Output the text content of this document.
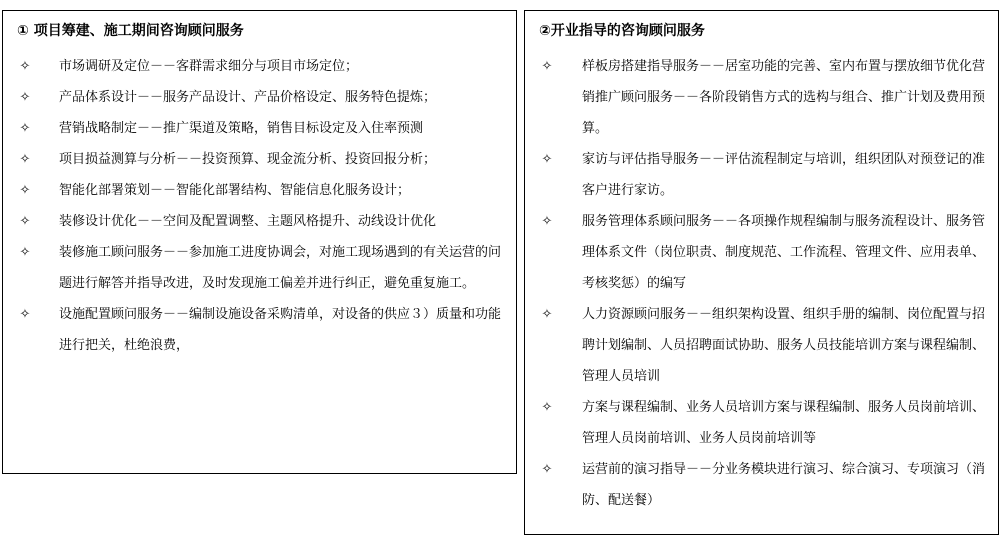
① 项目筹建、施工期间咨询顾问服务
✧ 市场调研及定位－－客群需求细分与项目市场定位；
✧ 产品体系设计－－服务产品设计、产品价格设定、服务特色提炼；
✧ 营销战略制定－－推广渠道及策略，销售目标设定及入住率预测
✧ 项目损益测算与分析－－投资预算、现金流分析、投资回报分析；
✧ 智能化部署策划－－智能化部署结构、智能信息化服务设计；
✧ 装修设计优化－－空间及配置调整、主题风格提升、动线设计优化
✧ 装修施工顾问服务－－参加施工进度协调会，对施工现场遇到的有关运营的问题进行解答并指导改进，及时发现施工偏差并进行纠正，避免重复施工。
✧ 设施配置顾问服务－－编制设施设备采购清单，对设备的供应３）质量和功能进行把关，杜绝浪费，
②开业指导的咨询顾问服务
✧ 样板房搭建指导服务－－居室功能的完善、室内布置与摆放细节优化营销推广顾问服务－－各阶段销售方式的选构与组合、推广计划及费用预算。
✧ 家访与评估指导服务－－评估流程制定与培训，组织团队对预登记的准客户进行家访。
✧ 服务管理体系顾问服务－－各项操作规程编制与服务流程设计、服务管理体系文件（岗位职责、制度规范、工作流程、管理文件、应用表单、考核奖惩）的编写
✧ 人力资源顾问服务－－组织架构设置、组织手册的编制、岗位配置与招聘计划编制、人员招聘面试协助、服务人员技能培训方案与课程编制、管理人员培训
✧ 方案与课程编制、业务人员培训方案与课程编制、服务人员岗前培训、管理人员岗前培训、业务人员岗前培训等
✧ 运营前的演习指导－－分业务模块进行演习、综合演习、专项演习（消防、配送餐）
